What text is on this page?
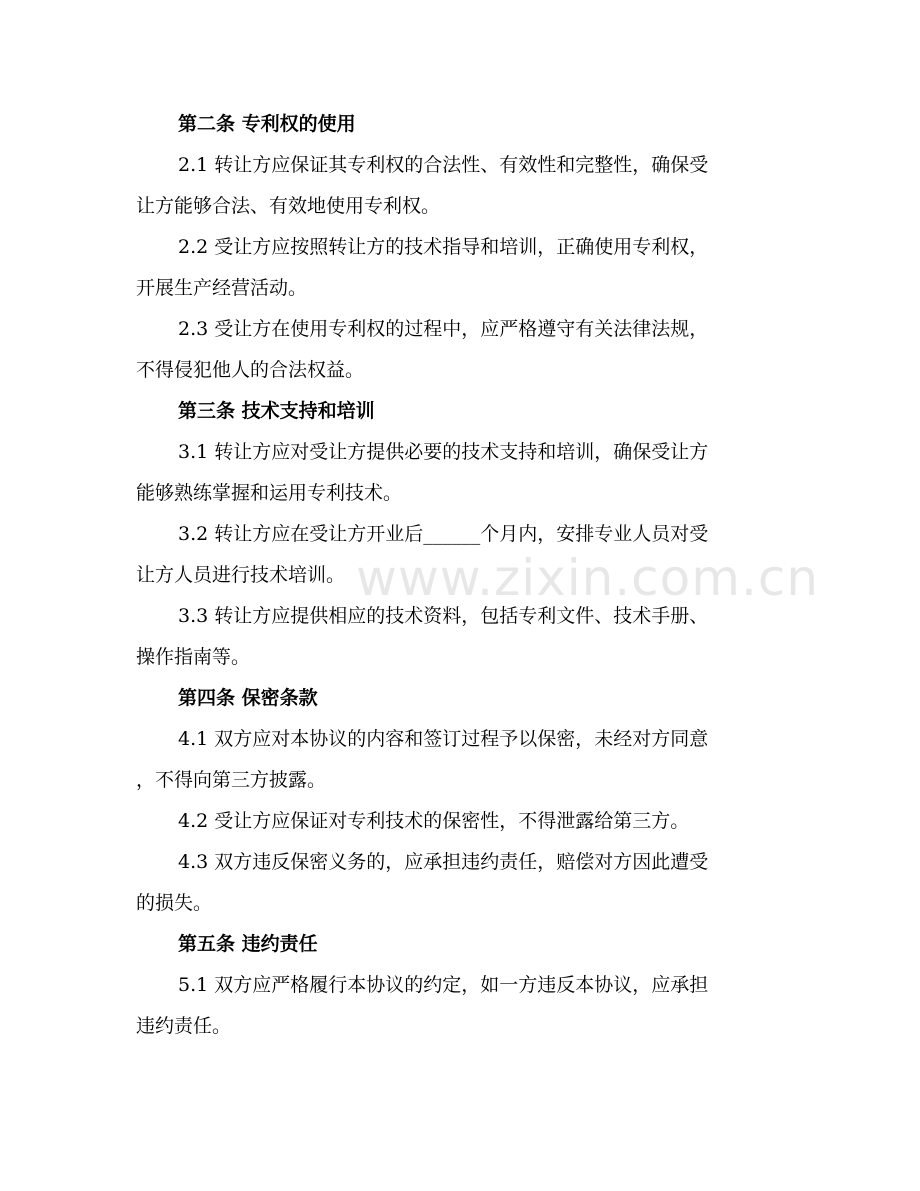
第二条 专利权的使用
2.1 转让方应保证其专利权的合法性、有效性和完整性，确保受
让方能够合法、有效地使用专利权。
2.2 受让方应按照转让方的技术指导和培训，正确使用专利权，
开展生产经营活动。
2.3 受让方在使用专利权的过程中，应严格遵守有关法律法规，
不得侵犯他人的合法权益。
第三条 技术支持和培训
3.1 转让方应对受让方提供必要的技术支持和培训，确保受让方
能够熟练掌握和运用专利技术。
3.2 转让方应在受让方开业后______个月内，安排专业人员对受
让方人员进行技术培训。
3.3 转让方应提供相应的技术资料，包括专利文件、技术手册、
操作指南等。
第四条 保密条款
4.1 双方应对本协议的内容和签订过程予以保密，未经对方同意
，不得向第三方披露。
4.2 受让方应保证对专利技术的保密性，不得泄露给第三方。
4.3 双方违反保密义务的，应承担违约责任，赔偿对方因此遭受
的损失。
第五条 违约责任
5.1 双方应严格履行本协议的约定，如一方违反本协议，应承担
违约责任。
www.zixin.com.cn
